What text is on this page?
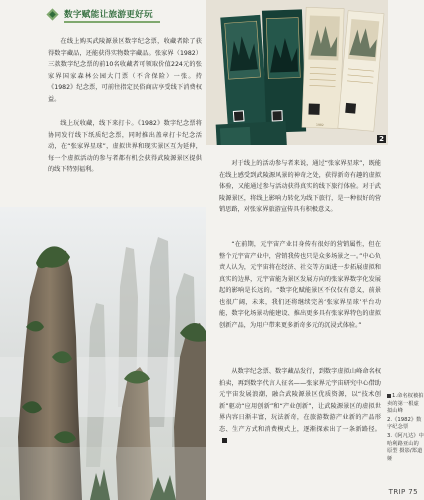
数字赋能让旅游更好玩

在线上购买武陵源景区数字纪念票，收藏者除了获得数字藏品，还能获得实物数字藏品。张家界（1982）三款数字纪念票的前10名收藏者可领取价值224元的张家界国家森林公园大门票（不含保险）一张。持《1982》纪念票，可前往指定民俗商店享受线下消费权益。

线上玩收藏，线下来打卡。《1982》数字纪念票将协同发行线下纸质纪念票，同时推出盖章打卡纪念活动，在“张家界星球”，虚拟世界和现实景区互为延伸，每一个虚拟活动的参与者都有机会获得武陵源景区提供的线下特别福利。

1982
2

对于线上的活动参与者来说，通过“张家界星球”，既能在线上感受到武陵源风景的神奇之处，获得新奇有趣的虚拟体验，又能通过参与活动获得真实的线下旅行体验。对于武陵源景区，将线上影响力转化为线下旅行，是一种很好的营销思路，对张家界旅游宣传具有积极意义。

“在前期，元宇宙产业目身传有很好的营销属性，但在整个元宇宙产业中，营销我传也只是众多场景之一。”中心负责人认为，元宇宙将在经济、社交等方面进一步拓展虚拟和真实的边界，元宇宙能为景区发展方向的张家界数字化发展起的影响是长远的。“数字化赋能景区不仅仅有意义，前景也很广阔，未来，我们还将继续完善‘张家界星球’平台功能，数字化场景功能建设、推出更多具有张家界特色的虚拟创新产品，为用户带来更多新奇多元的沉浸式体验。”

从数字纪念票、数字藏品发行，到数字虚拟山峰命名权拍卖，再到数字代言人征名——张家界元宇宙研究中心借助元宇宙发展浪潮，融合武陵源景区优质资源，以“技术创新”驱动“应用创新”和“产业创新”，让武陵源景区的虚拟世界内容日渐丰富，玩法新奇，在旅游数游产业新的产品形态、生产方式和消费模式上，逐渐探索出了一条新路径。

1.命名权被拍卖的第一根虚拟山峰
2.《1982》数字纪念票
3.《阿凡达》中哈利路亚山的原型 摄影/郑道娅
TRIP 75
